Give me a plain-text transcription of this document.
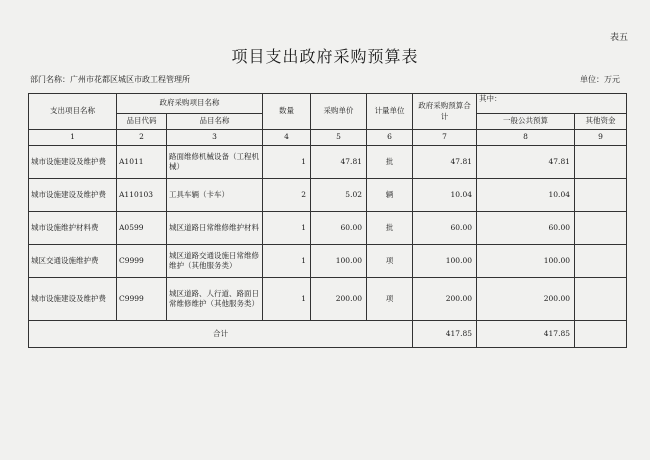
表五
项目支出政府采购预算表
部门名称：广州市花都区城区市政工程管理所	单位：万元
支出项目名称	政府采购项目名称		数量	采购单价	计量单位	政府采购预算合计	其中：	
	品目代码	品目名称					一般公共预算	其他资金
1	2	3	4	5	6	7	8	9
城市设施建设及维护费	A1011	路面维修机械设备（工程机械）	1	47.81	批	47.81	47.81	
城市设施建设及维护费	A110103	工具车辆（卡车）	2	5.02	辆	10.04	10.04	
城市设施维护材料费	A0599	城区道路日常维修维护材料	1	60.00	批	60.00	60.00	
城区交通设施维护费	C9999	城区道路交通设施日常维修维护（其他服务类）	1	100.00	项	100.00	100.00	
城市设施建设及维护费	C9999	城区道路、人行道、路面日常维修维护（其他服务类）	1	200.00	项	200.00	200.00	
合计						417.85	417.85	
